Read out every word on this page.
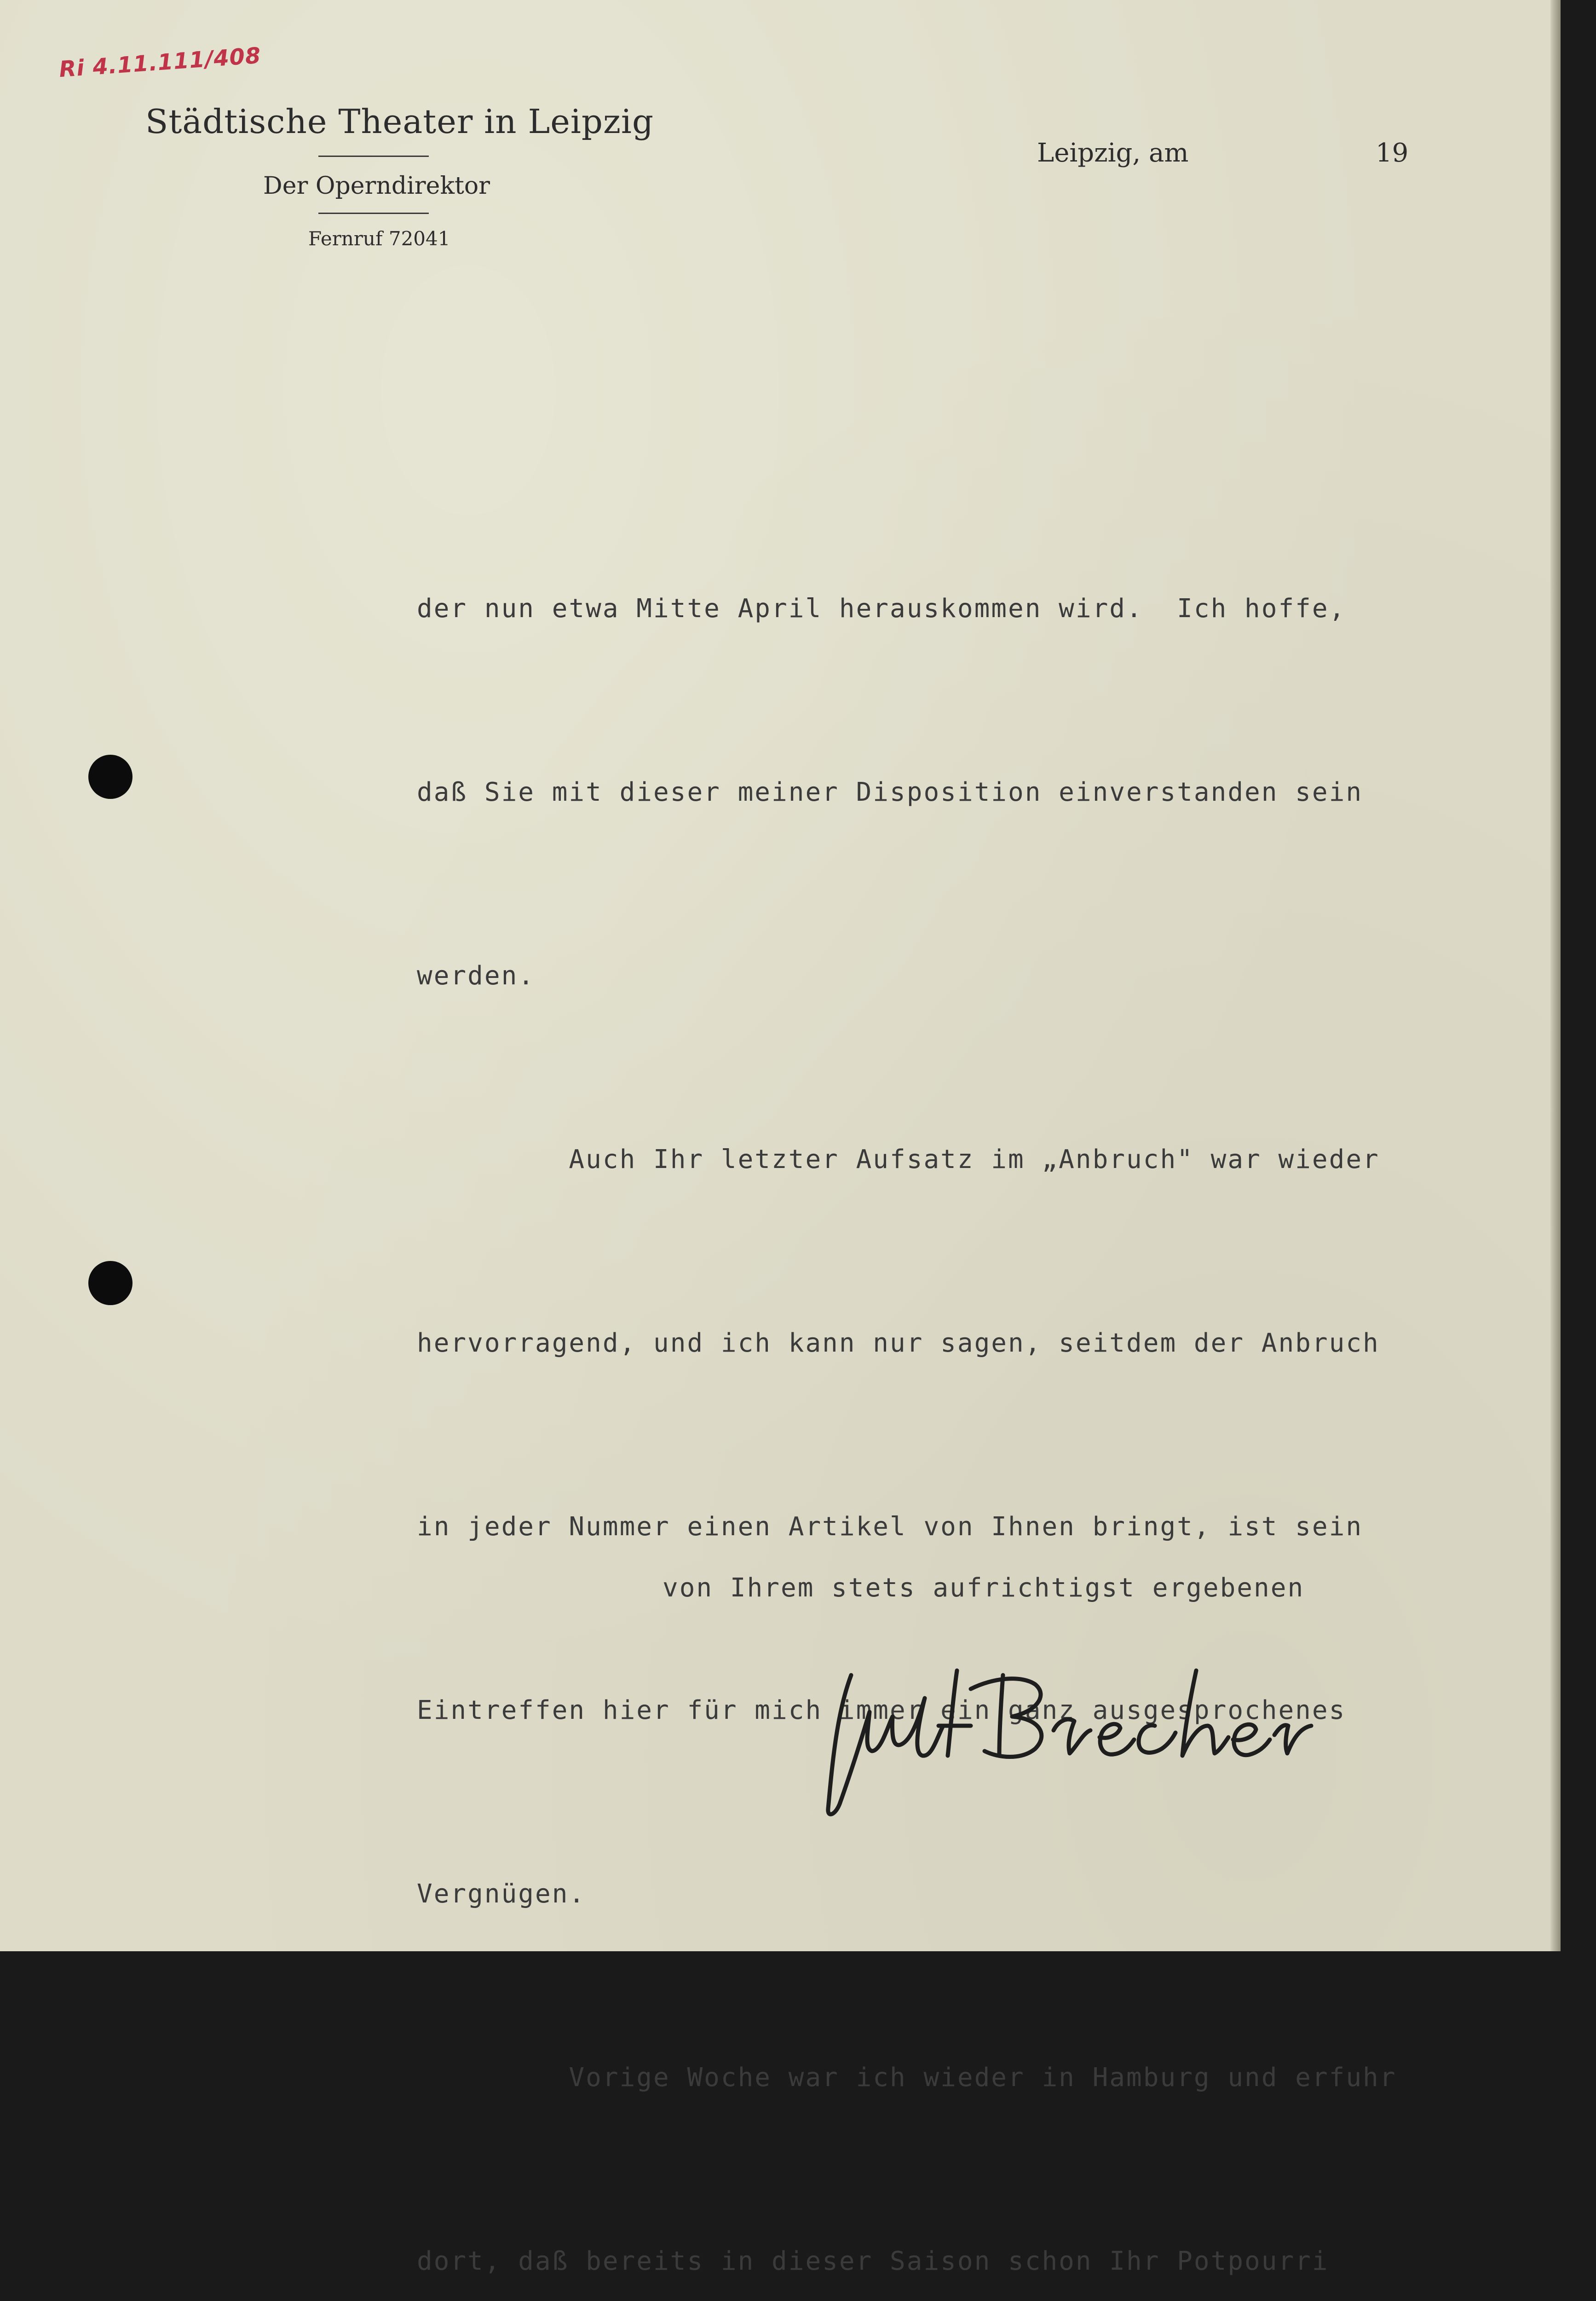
Ri 4.11.111/408
Städtische Theater in Leipzig
Der Operndirektor
Fernruf 72041
Leipzig, am	19

der nun etwa Mitte April herauskommen wird.  Ich hoffe,

daß Sie mit dieser meiner Disposition einverstanden sein

werden.

Auch Ihr letzter Aufsatz im „Anbruch" war wieder

hervorragend, und ich kann nur sagen, seitdem der Anbruch

in jeder Nummer einen Artikel von Ihnen bringt, ist sein

Eintreffen hier für mich immer ein ganz ausgesprochenes

Vergnügen.

Vorige Woche war ich wieder in Hamburg und erfuhr

dort, daß bereits in dieser Saison schon Ihr Potpourri

von Ihrem stets aufrichtigst ergebenen
